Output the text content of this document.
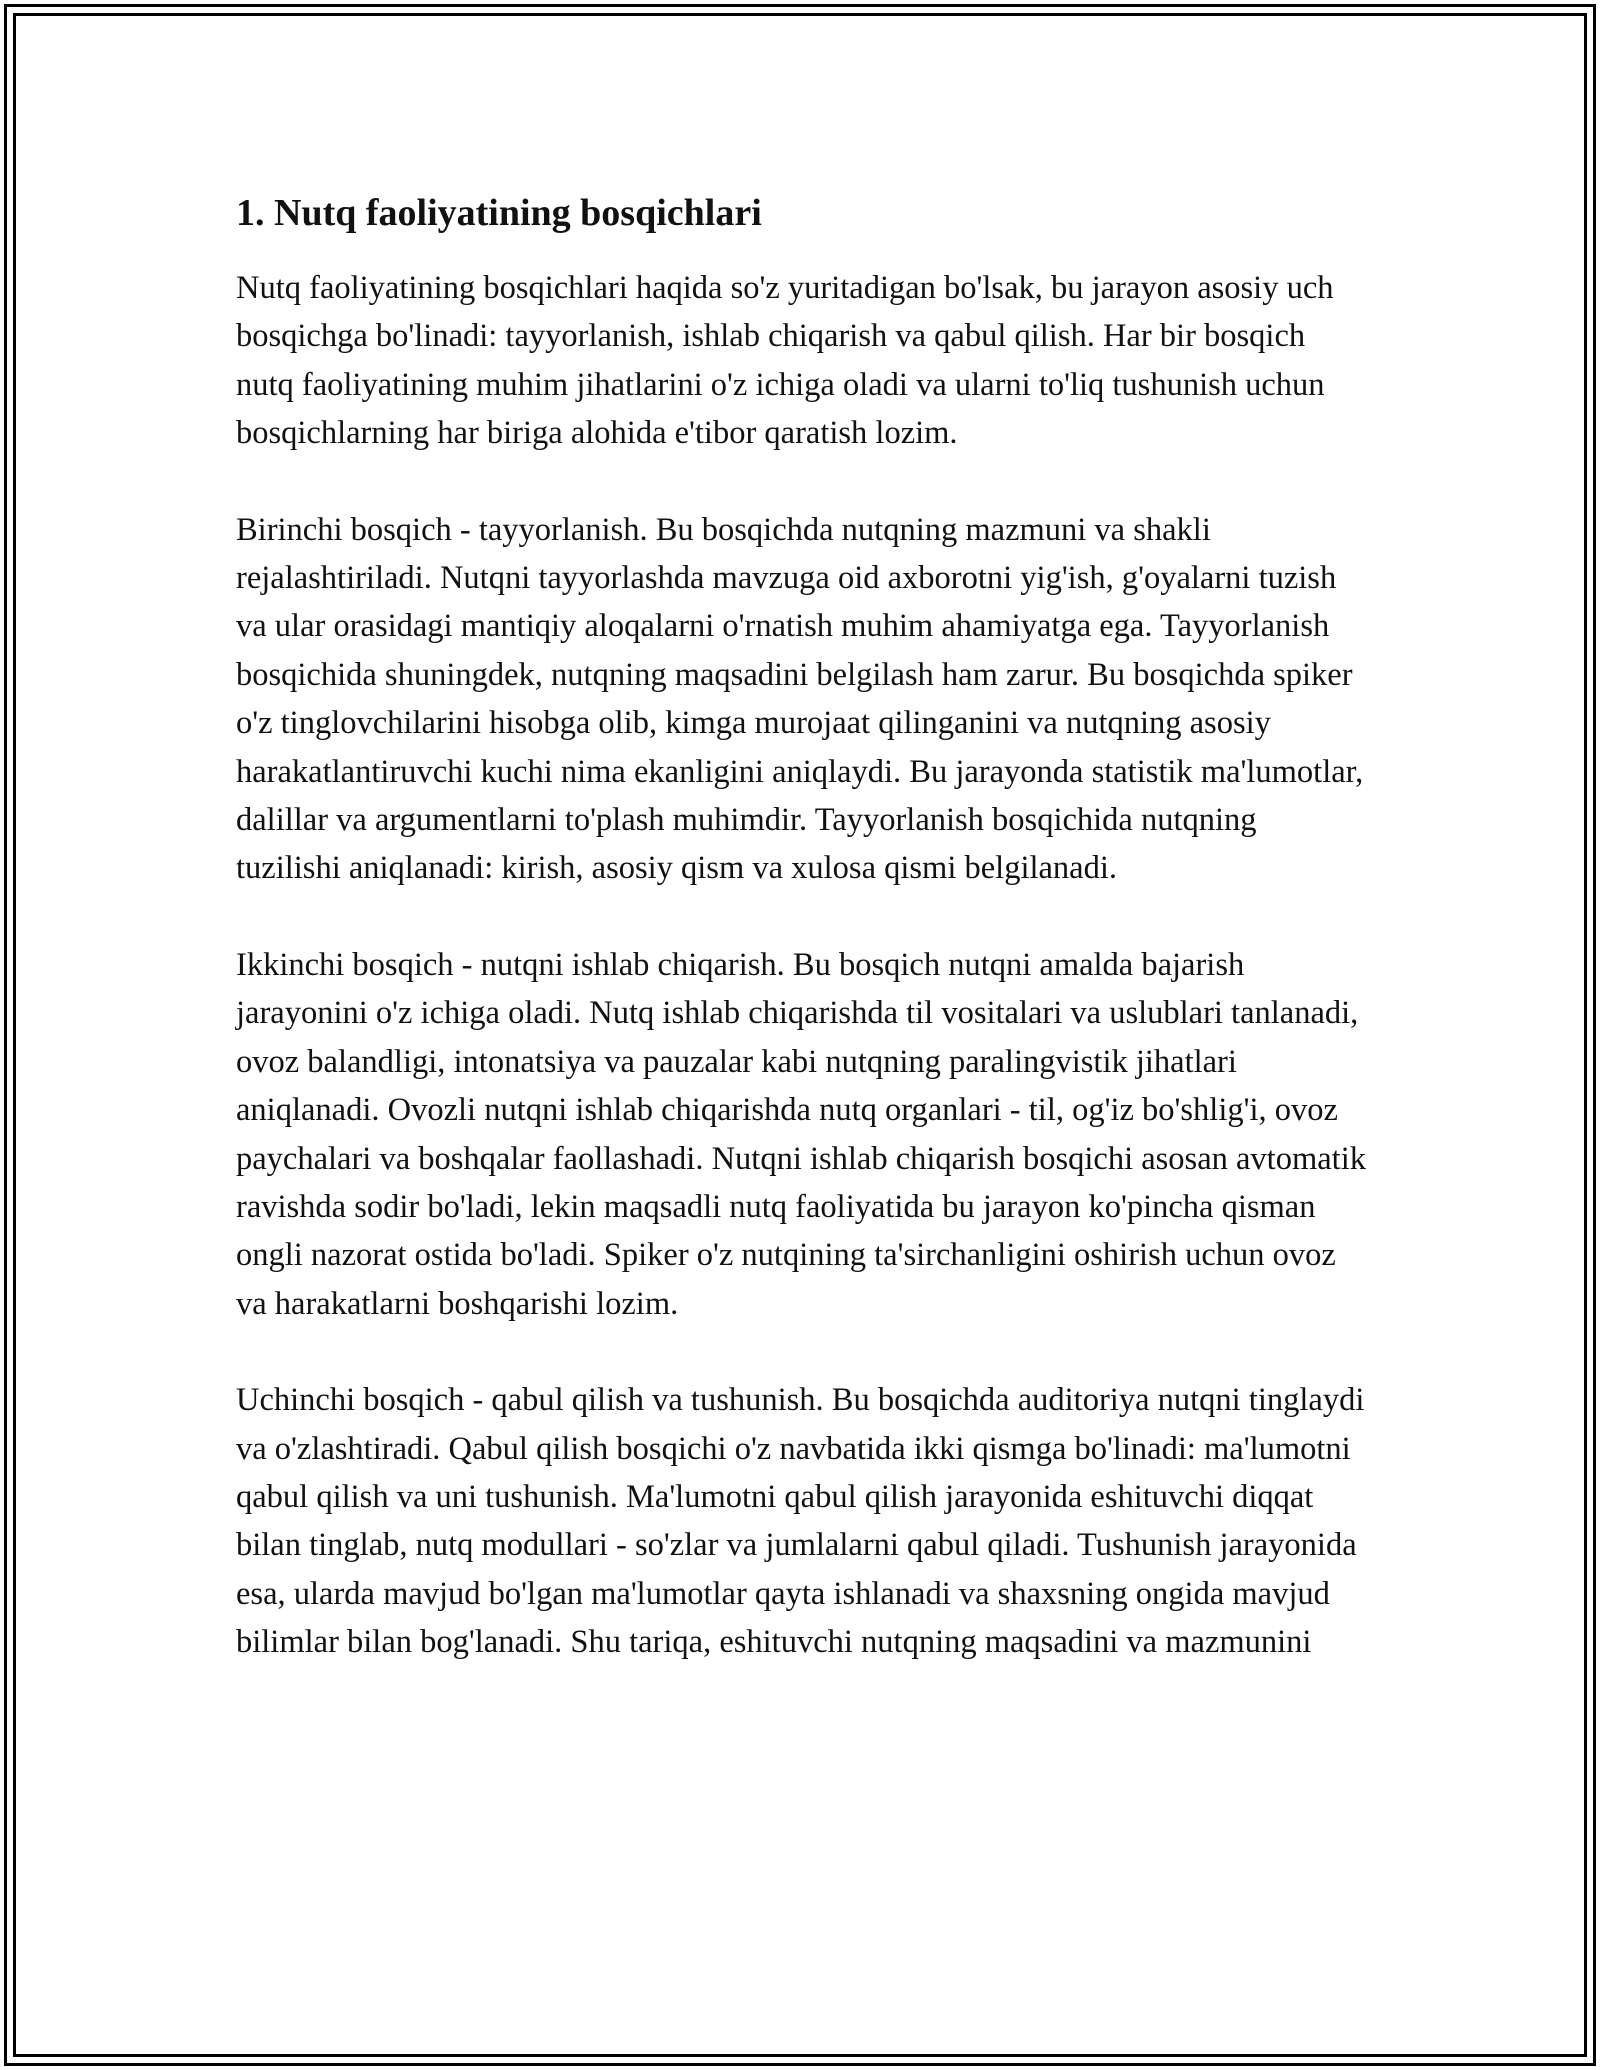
1. Nutq faoliyatining bosqichlari

Nutq faoliyatining bosqichlari haqida so'z yuritadigan bo'lsak, bu jarayon asosiy uch bosqichga bo'linadi: tayyorlanish, ishlab chiqarish va qabul qilish. Har bir bosqich nutq faoliyatining muhim jihatlarini o'z ichiga oladi va ularni to'liq tushunish uchun bosqichlarning har biriga alohida e'tibor qaratish lozim.

Birinchi bosqich - tayyorlanish. Bu bosqichda nutqning mazmuni va shakli rejalashtiriladi. Nutqni tayyorlashda mavzuga oid axborotni yig'ish, g'oyalarni tuzish va ular orasidagi mantiqiy aloqalarni o'rnatish muhim ahamiyatga ega. Tayyorlanish bosqichida shuningdek, nutqning maqsadini belgilash ham zarur. Bu bosqichda spiker o'z tinglovchilarini hisobga olib, kimga murojaat qilinganini va nutqning asosiy harakatlantiruvchi kuchi nima ekanligini aniqlaydi. Bu jarayonda statistik ma'lumotlar, dalillar va argumentlarni to'plash muhimdir. Tayyorlanish bosqichida nutqning tuzilishi aniqlanadi: kirish, asosiy qism va xulosa qismi belgilanadi.

Ikkinchi bosqich - nutqni ishlab chiqarish. Bu bosqich nutqni amalda bajarish jarayonini o'z ichiga oladi. Nutq ishlab chiqarishda til vositalari va uslublari tanlanadi, ovoz balandligi, intonatsiya va pauzalar kabi nutqning paralingvistik jihatlari aniqlanadi. Ovozli nutqni ishlab chiqarishda nutq organlari - til, og'iz bo'shlig'i, ovoz paychalari va boshqalar faollashadi. Nutqni ishlab chiqarish bosqichi asosan avtomatik ravishda sodir bo'ladi, lekin maqsadli nutq faoliyatida bu jarayon ko'pincha qisman ongli nazorat ostida bo'ladi. Spiker o'z nutqining ta'sirchanligini oshirish uchun ovoz va harakatlarni boshqarishi lozim.

Uchinchi bosqich - qabul qilish va tushunish. Bu bosqichda auditoriya nutqni tinglaydi va o'zlashtiradi. Qabul qilish bosqichi o'z navbatida ikki qismga bo'linadi: ma'lumotni qabul qilish va uni tushunish. Ma'lumotni qabul qilish jarayonida eshituvchi diqqat bilan tinglab, nutq modullari - so'zlar va jumlalarni qabul qiladi. Tushunish jarayonida esa, ularda mavjud bo'lgan ma'lumotlar qayta ishlanadi va shaxsning ongida mavjud bilimlar bilan bog'lanadi. Shu tariqa, eshituvchi nutqning maqsadini va mazmunini
